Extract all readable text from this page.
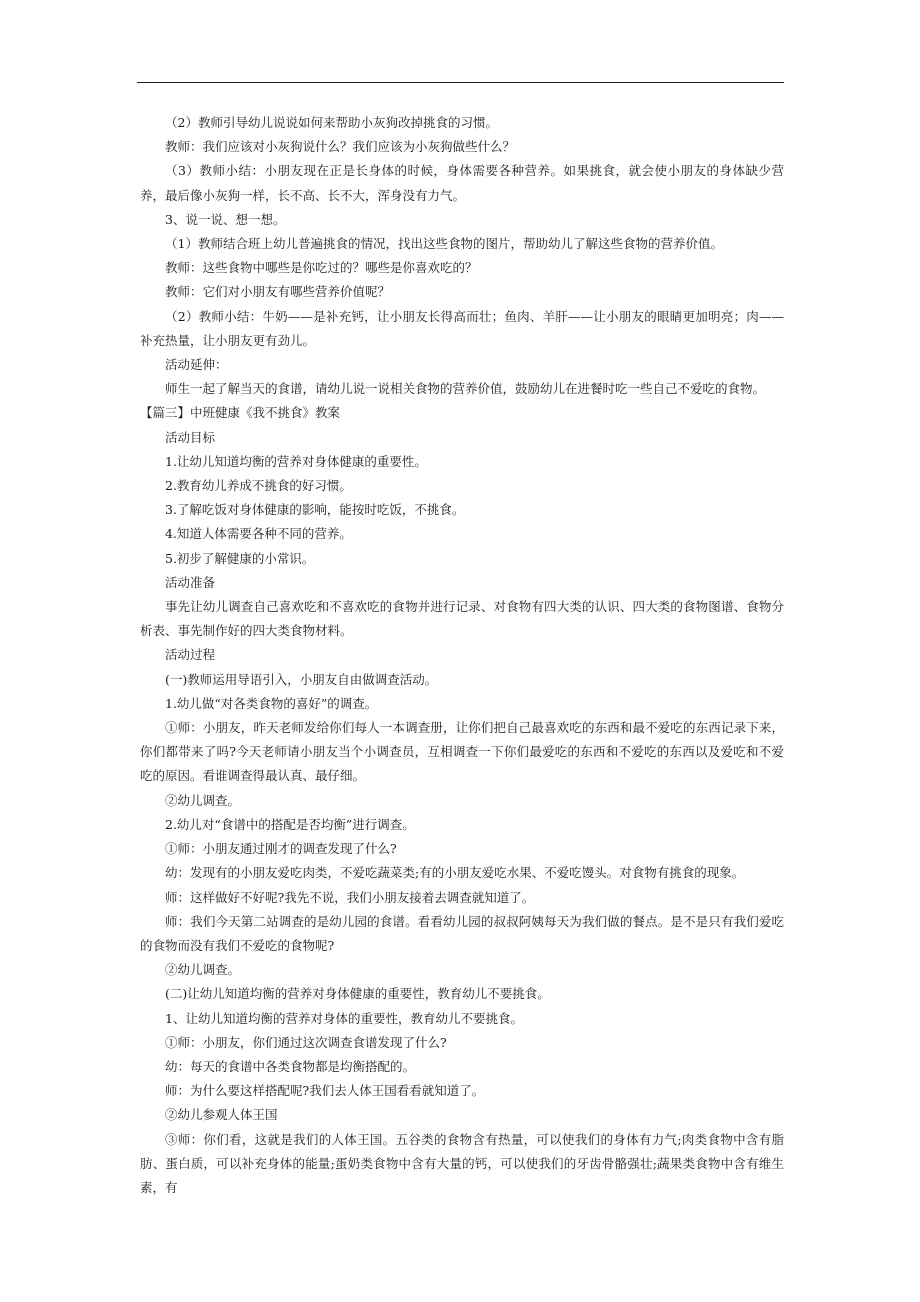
（2）教师引导幼儿说说如何来帮助小灰狗改掉挑食的习惯。

教师：我们应该对小灰狗说什么？我们应该为小灰狗做些什么？

（3）教师小结：小朋友现在正是长身体的时候，身体需要各种营养。如果挑食，就会使小朋友的身体缺少营养，最后像小灰狗一样，长不高、长不大，浑身没有力气。

3、说一说、想一想。

（1）教师结合班上幼儿普遍挑食的情况，找出这些食物的图片，帮助幼儿了解这些食物的营养价值。

教师：这些食物中哪些是你吃过的？哪些是你喜欢吃的？

教师：它们对小朋友有哪些营养价值呢？

（2）教师小结：牛奶——是补充钙，让小朋友长得高而壮；鱼肉、羊肝——让小朋友的眼睛更加明亮；肉——补充热量，让小朋友更有劲儿。

活动延伸：

师生一起了解当天的食谱，请幼儿说一说相关食物的营养价值，鼓励幼儿在进餐时吃一些自己不爱吃的食物。

【篇三】中班健康《我不挑食》教案

活动目标

1.让幼儿知道均衡的营养对身体健康的重要性。

2.教育幼儿养成不挑食的好习惯。

3.了解吃饭对身体健康的影响，能按时吃饭，不挑食。

4.知道人体需要各种不同的营养。

5.初步了解健康的小常识。

活动准备

事先让幼儿调查自己喜欢吃和不喜欢吃的食物并进行记录、对食物有四大类的认识、四大类的食物图谱、食物分析表、事先制作好的四大类食物材料。

活动过程

(一)教师运用导语引入，小朋友自由做调查活动。

1.幼儿做“对各类食物的喜好”的调查。

①师：小朋友，昨天老师发给你们每人一本调查册，让你们把自己最喜欢吃的东西和最不爱吃的东西记录下来，你们都带来了吗?今天老师请小朋友当个小调查员，互相调查一下你们最爱吃的东西和不爱吃的东西以及爱吃和不爱吃的原因。看谁调查得最认真、最仔细。

②幼儿调查。

2.幼儿对“食谱中的搭配是否均衡”进行调查。

①师：小朋友通过刚才的调查发现了什么?

幼：发现有的小朋友爱吃肉类，不爱吃蔬菜类;有的小朋友爱吃水果、不爱吃馒头。对食物有挑食的现象。

师：这样做好不好呢?我先不说，我们小朋友接着去调查就知道了。

师：我们今天第二站调查的是幼儿园的食谱。看看幼儿园的叔叔阿姨每天为我们做的餐点。是不是只有我们爱吃的食物而没有我们不爱吃的食物呢?

②幼儿调查。

(二)让幼儿知道均衡的营养对身体健康的重要性，教育幼儿不要挑食。

1、让幼儿知道均衡的营养对身体的重要性，教育幼儿不要挑食。

①师：小朋友，你们通过这次调查食谱发现了什么?

幼：每天的食谱中各类食物都是均衡搭配的。

师：为什么要这样搭配呢?我们去人体王国看看就知道了。

②幼儿参观人体王国

③师：你们看，这就是我们的人体王国。五谷类的食物含有热量，可以使我们的身体有力气;肉类食物中含有脂肪、蛋白质，可以补充身体的能量;蛋奶类食物中含有大量的钙，可以使我们的牙齿骨骼强壮;蔬果类食物中含有维生素，有
